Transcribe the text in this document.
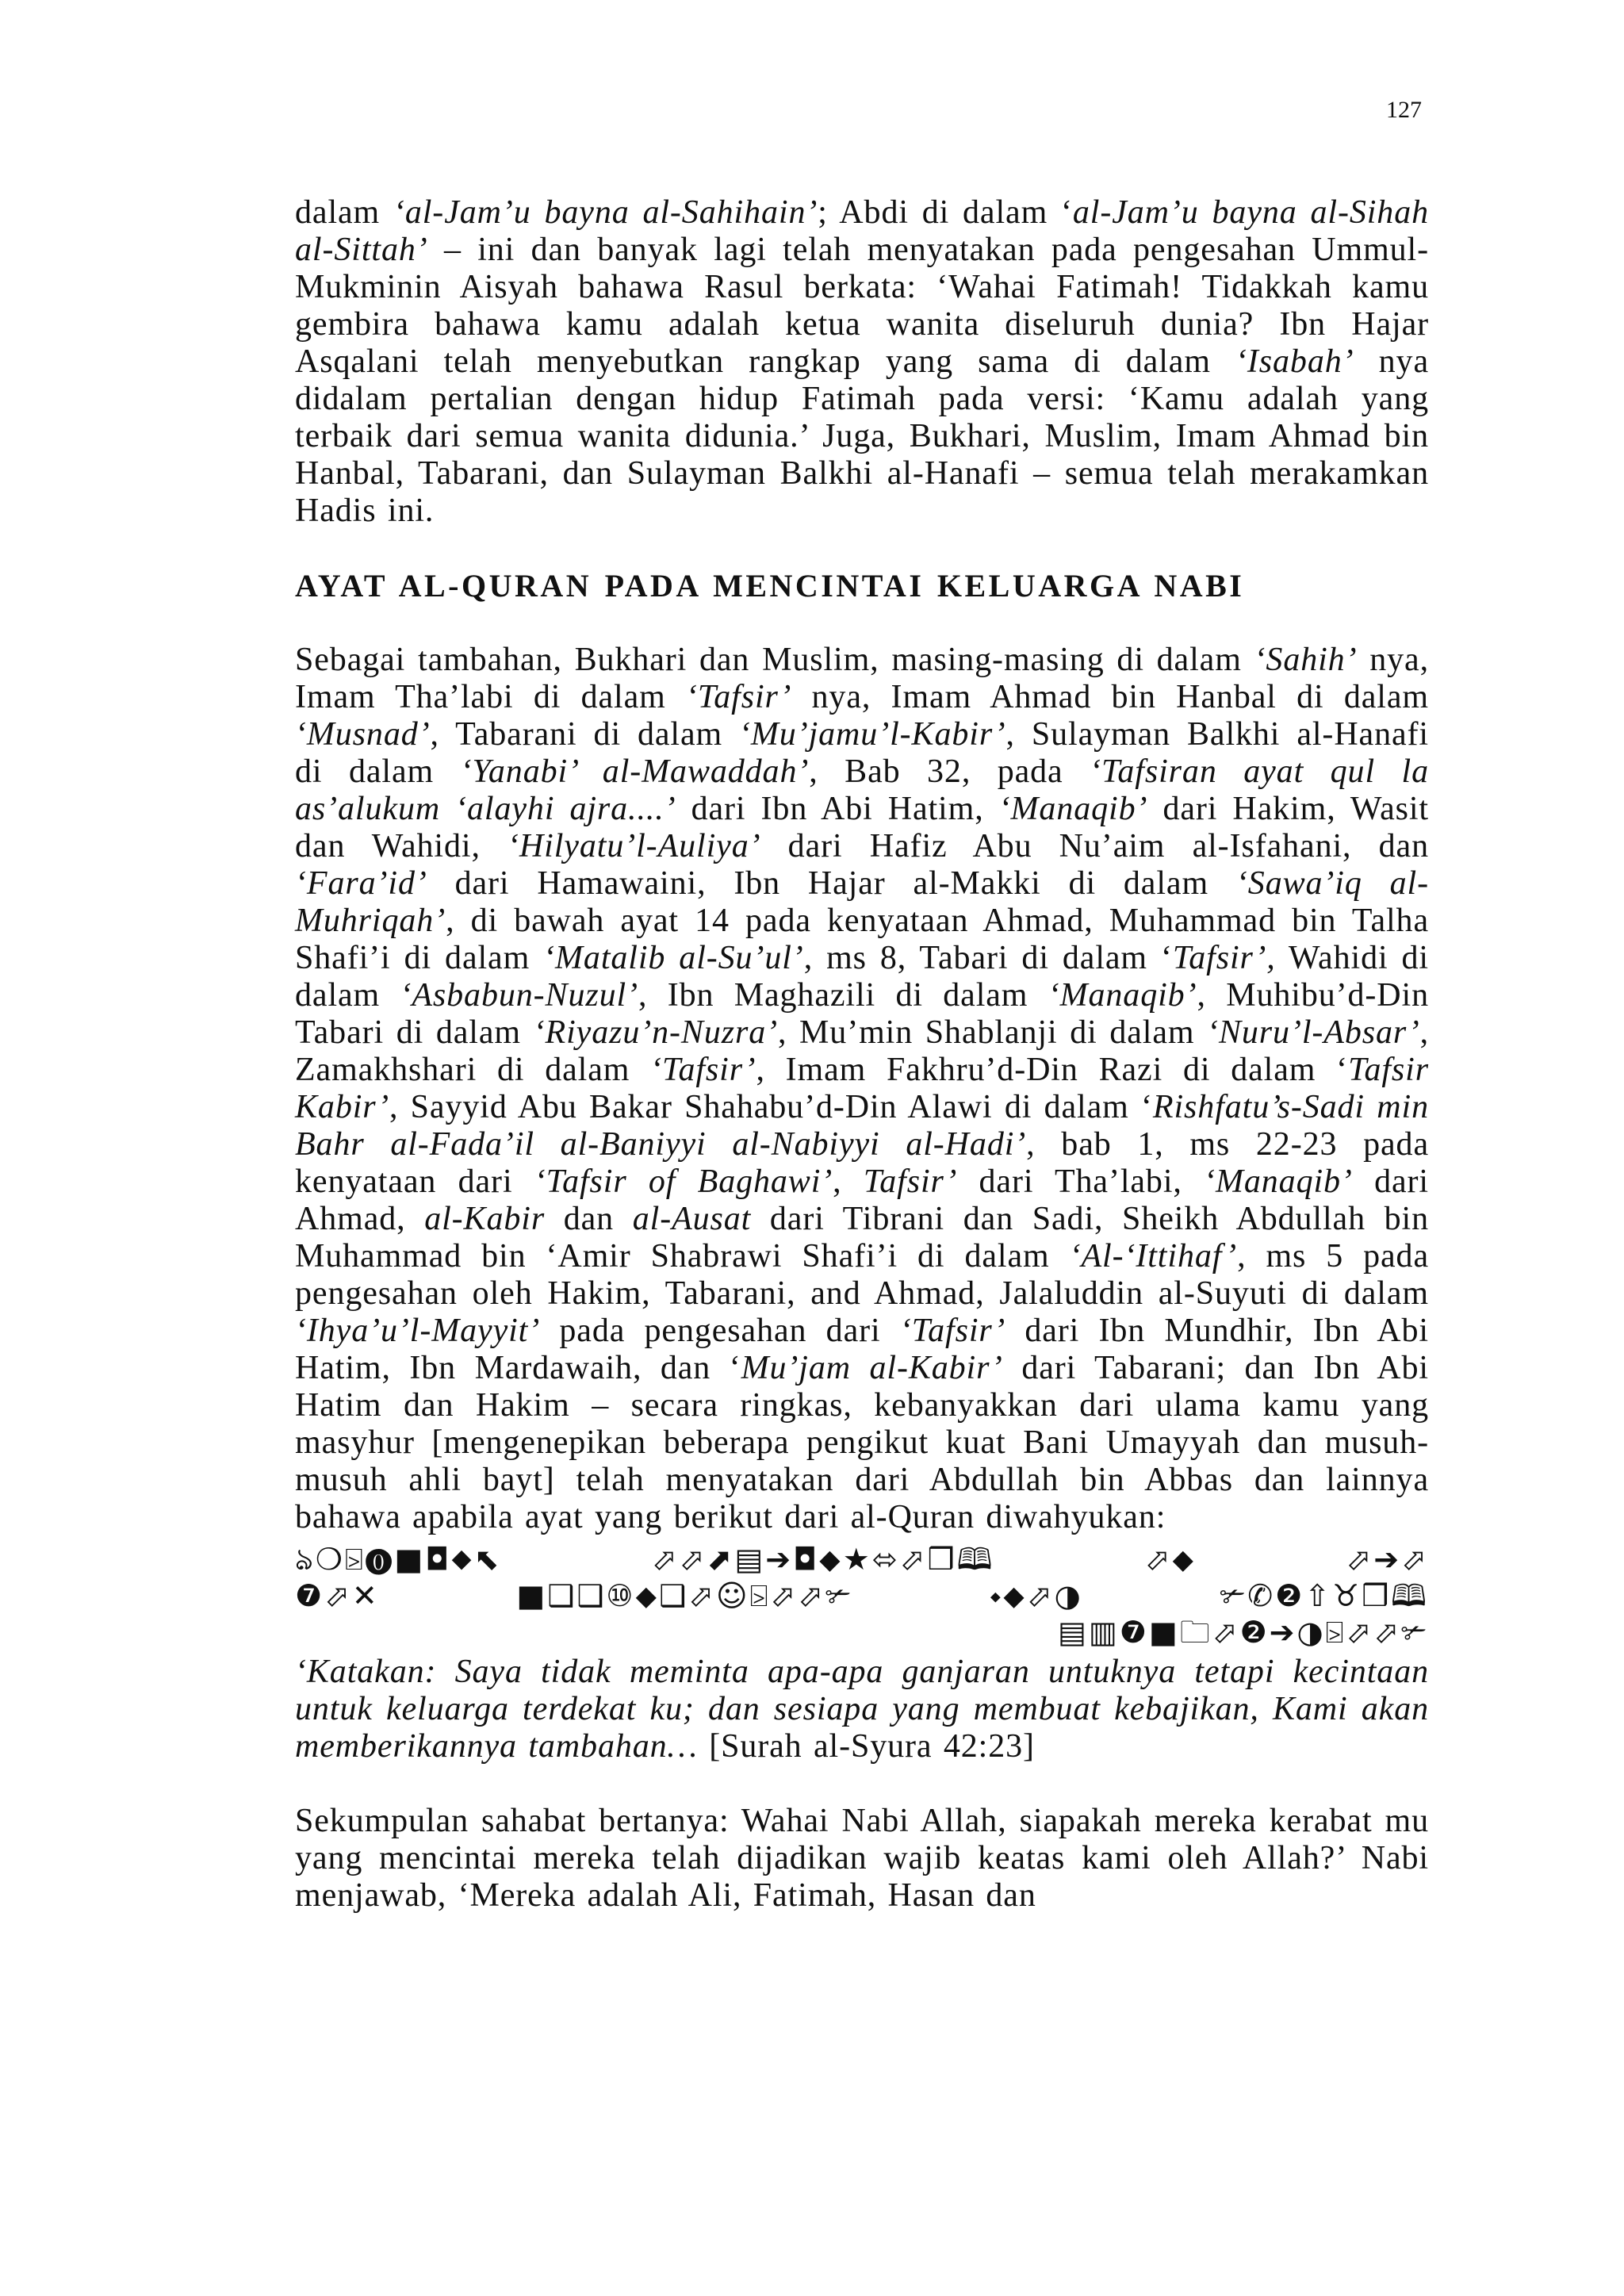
127

dalam ‘al-Jam’u bayna al-Sahihain’; Abdi di dalam ‘al-Jam’u bayna al-Sihah al-Sittah’ – ini dan banyak lagi telah menyatakan pada pengesahan Ummul-Mukminin Aisyah bahawa Rasul berkata: ‘Wahai Fatimah! Tidakkah kamu gembira bahawa kamu adalah ketua wanita diseluruh dunia? Ibn Hajar Asqalani telah menyebutkan rangkap yang sama di dalam ‘Isabah’ nya didalam pertalian dengan hidup Fatimah pada versi: ‘Kamu adalah yang terbaik dari semua wanita didunia.’ Juga, Bukhari, Muslim, Imam Ahmad bin Hanbal, Tabarani, dan Sulayman Balkhi al-Hanafi – semua telah merakamkan Hadis ini.

AYAT AL-QURAN PADA MENCINTAI KELUARGA NABI

Sebagai tambahan, Bukhari dan Muslim, masing-masing di dalam ‘Sahih’ nya, Imam Tha’labi di dalam ‘Tafsir’ nya, Imam Ahmad bin Hanbal di dalam ‘Musnad’, Tabarani di dalam ‘Mu’jamu’l-Kabir’, Sulayman Balkhi al-Hanafi di dalam ‘Yanabi’ al-Mawaddah’, Bab 32, pada ‘Tafsiran ayat qul la as’alukum ‘alayhi ajra....’ dari Ibn Abi Hatim, ‘Manaqib’ dari Hakim, Wasit dan Wahidi, ‘Hilyatu’l-Auliya’ dari Hafiz Abu Nu’aim al-Isfahani, dan ‘Fara’id’ dari Hamawaini, Ibn Hajar al-Makki di dalam ‘Sawa’iq al-Muhriqah’, di bawah ayat 14 pada kenyataan Ahmad, Muhammad bin Talha Shafi’i di dalam ‘Matalib al-Su’ul’, ms 8, Tabari di dalam ‘Tafsir’, Wahidi di dalam ‘Asbabun-Nuzul’, Ibn Maghazili di dalam ‘Manaqib’, Muhibu’d-Din Tabari di dalam ‘Riyazu’n-Nuzra’, Mu’min Shablanji di dalam ‘Nuru’l-Absar’, Zamakhshari di dalam ‘Tafsir’, Imam Fakhru’d-Din Razi di dalam ‘Tafsir Kabir’, Sayyid Abu Bakar Shahabu’d-Din Alawi di dalam ‘Rishfatu’s-Sadi min Bahr al-Fada’il al-Baniyyi al-Nabiyyi al-Hadi’, bab 1, ms 22-23 pada kenyataan dari ‘Tafsir of Baghawi’, Tafsir’ dari Tha’labi, ‘Manaqib’ dari Ahmad, al-Kabir dan al-Ausat dari Tibrani dan Sadi, Sheikh Abdullah bin Muhammad bin ‘Amir Shabrawi Shafi’i di dalam ‘Al-‘Ittihaf’, ms 5 pada pengesahan oleh Hakim, Tabarani, and Ahmad, Jalaluddin al-Suyuti di dalam ‘Ihya’u’l-Mayyit’ pada pengesahan dari ‘Tafsir’ dari Ibn Mundhir, Ibn Abi Hatim, Ibn Mardawaih, dan ‘Mu’jam al-Kabir’ dari Tabarani; dan Ibn Abi Hatim dan Hakim – secara ringkas, kebanyakkan dari ulama kamu yang masyhur [mengenepikan beberapa pengikut kuat Bani Umayyah dan musuh-musuh ahli bayt] telah menyatakan dari Abdullah bin Abbas dan lainnya bahawa apabila ayat yang berikut dari al-Quran diwahyukan:

ঌ❍⍄⓿■◘⬥⬉	⬀⬀⬈▤➔◘⬥★⬄⬀❒🕮	⬀⬥	⬀➔⬀
❼⬀✕	■❑❑⑩⬥❑⬀☺⍄⬀⬀✃	⬩⬥⬀◑	✃✆❷⇧♉❒🕮
▤▥❼■🗀⬀❷➔◑⍄⬀⬀✃

‘Katakan: Saya tidak meminta apa-apa ganjaran untuknya tetapi kecintaan untuk keluarga terdekat ku; dan sesiapa yang membuat kebajikan, Kami akan memberikannya tambahan… [Surah al-Syura 42:23]

Sekumpulan sahabat bertanya: Wahai Nabi Allah, siapakah mereka kerabat mu yang mencintai mereka telah dijadikan wajib keatas kami oleh Allah?’ Nabi menjawab, ‘Mereka adalah Ali, Fatimah, Hasan dan
